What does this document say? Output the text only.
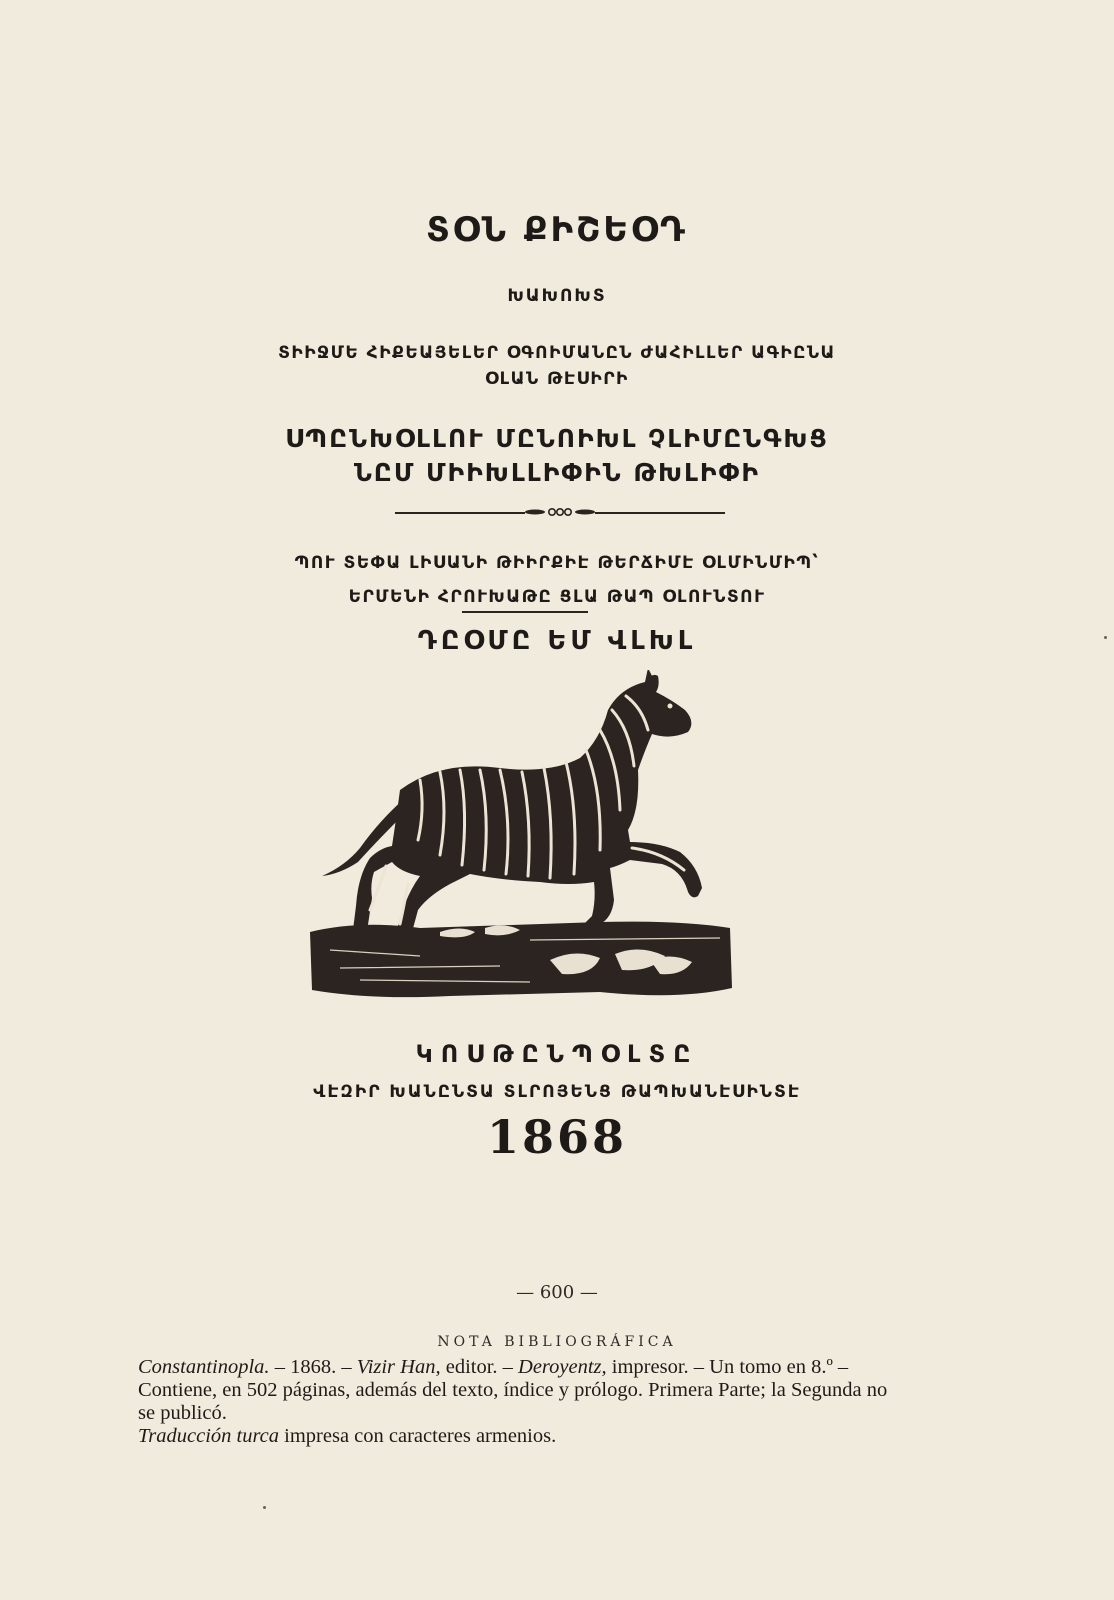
ՏՕՆ ՔԻՇԵՕԴ
ԽԱԽՈԽՏ
ՏԻԻՋՄԵ ՀԻՔԵԱՅԵԼԵՐ ՕԳՈԻՄԱՆԸՆ ԺԱՀԻԼԼԵՐ ԱԳԻԸՆԱ
ՕԼԱՆ ԹԷՍԻՐԻ
ՍՊԸՆԽՕԼԼՈՒ ՄԸՆՈԻԽԼ ՉԼԻՄԸՆԳԽՑ
ՆԸՄ ՄԻԻԽԼԼԻՓԻՆ ԹԽԼԻՓԻ
ՊՈՒ ՏԵՓԱ ԼԻՍԱՆԻ ԹԻԻՐՔԻԷ ԹԵՐՃԻՄԷ ՕԼՄԻՆՄԻՊ՝
ԵՐՄԵՆԻ ՀՐՈՒԽԱԹԸ ՑԼԱ ԹԱՊ ՕԼՈՒՆՏՈՒ
ԴԸՕՄԸ ԵՄ ՎԼԽԼ
ԿՈՍԹԸՆՊՕԼՏԸ
ՎԷԶԻՐ ԽԱՆԸՆՏԱ ՏԼՐՈՅԵՆՑ ԹԱՊԽԱՆԷՍԻՆՏԷ
1868
— 600 —
NOTA BIBLIOGRÁFICA

Constantinopla. – 1868. – Vizir Han, editor. – Deroyentz, impresor. – Un tomo en 8.º – Contiene, en 502 páginas, además del texto, índice y prólogo. Primera Parte; la Segunda no se publicó.

Traducción turca impresa con caracteres armenios.
